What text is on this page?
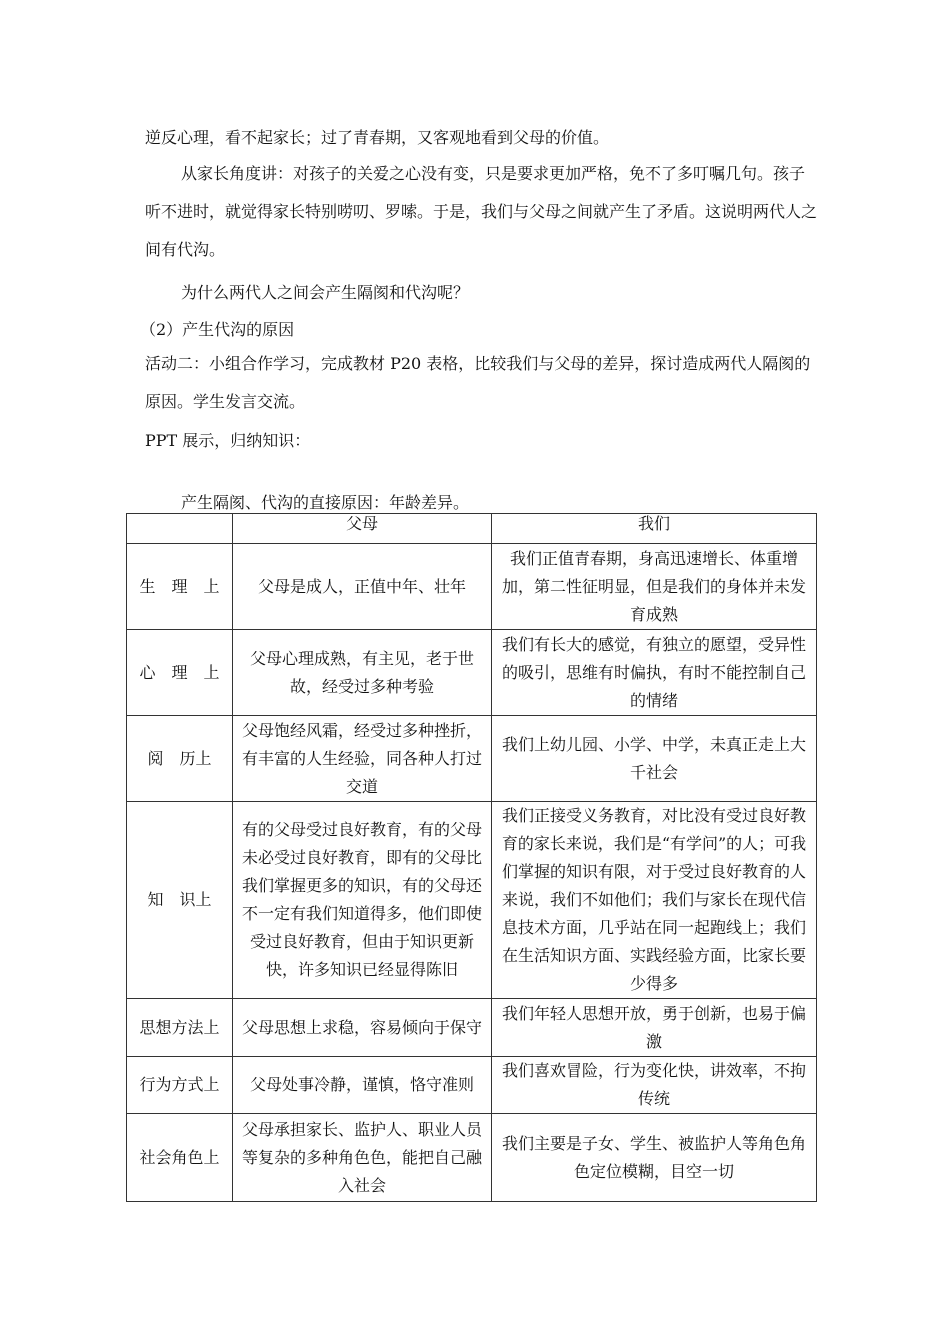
逆反心理，看不起家长；过了青春期，又客观地看到父母的价值。

从家长角度讲：对孩子的关爱之心没有变，只是要求更加严格，免不了多叮嘱几句。孩子听不进时，就觉得家长特别唠叨、罗嗦。于是，我们与父母之间就产生了矛盾。这说明两代人之间有代沟。

为什么两代人之间会产生隔阂和代沟呢？

（2）产生代沟的原因

活动二：小组合作学习，完成教材 P20 表格，比较我们与父母的差异，探讨造成两代人隔阂的原因。学生发言交流。

PPT 展示，归纳知识：

产生隔阂、代沟的直接原因：年龄差异。

	父母	我们
生　理　上	父母是成人，正值中年、壮年	我们正值青春期，身高迅速增长、体重增加，第二性征明显，但是我们的身体并未发育成熟
心　理　上	父母心理成熟，有主见，老于世故，经受过多种考验	我们有长大的感觉，有独立的愿望，受异性的吸引，思维有时偏执，有时不能控制自己的情绪
阅　历上	父母饱经风霜，经受过多种挫折，有丰富的人生经验，同各种人打过交道	我们上幼儿园、小学、中学，未真正走上大千社会
知　识上	有的父母受过良好教育，有的父母未必受过良好教育，即有的父母比我们掌握更多的知识，有的父母还不一定有我们知道得多，他们即使受过良好教育，但由于知识更新快，许多知识已经显得陈旧	我们正接受义务教育，对比没有受过良好教育的家长来说，我们是“有学问”的人；可我们掌握的知识有限，对于受过良好教育的人来说，我们不如他们；我们与家长在现代信息技术方面，几乎站在同一起跑线上；我们在生活知识方面、实践经验方面，比家长要少得多
思想方法上	父母思想上求稳，容易倾向于保守	我们年轻人思想开放，勇于创新，也易于偏激
行为方式上	父母处事冷静，谨慎，恪守准则	我们喜欢冒险，行为变化快，讲效率，不拘传统
社会角色上	父母承担家长、监护人、职业人员等复杂的多种角色色，能把自己融入社会	我们主要是子女、学生、被监护人等角色角色定位模糊，目空一切
